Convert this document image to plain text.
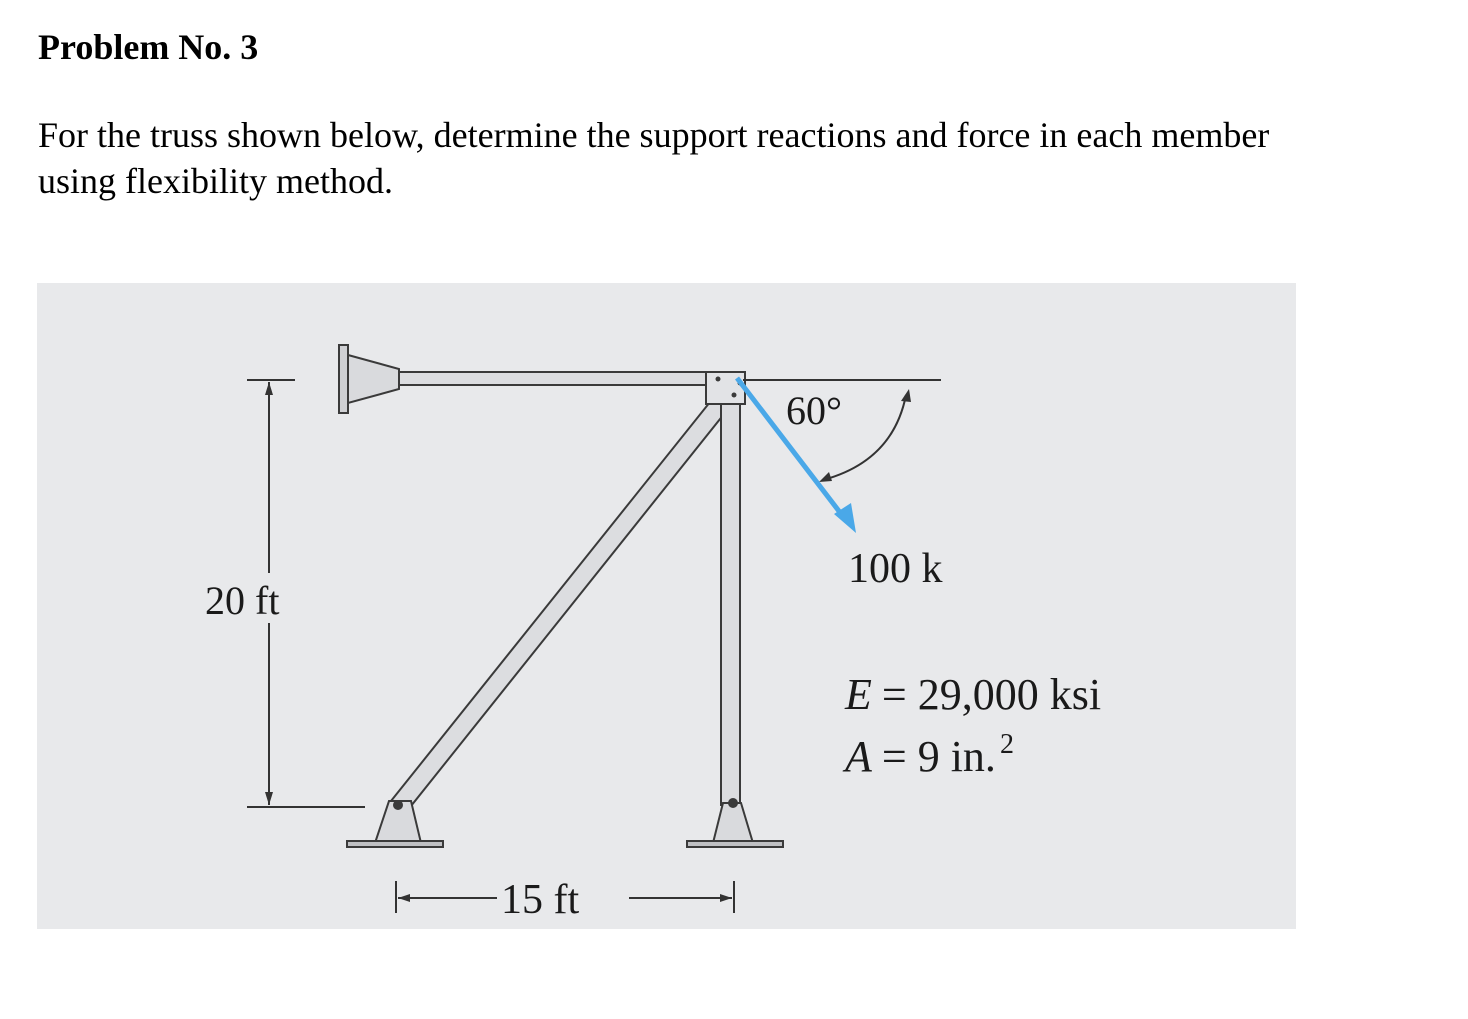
Problem No. 3

For the truss shown below, determine the support reactions and force in each member
using flexibility method.

20 ft
15 ft
60°
100 k
E = 29,000 ksi
A = 9 in. $^2$
